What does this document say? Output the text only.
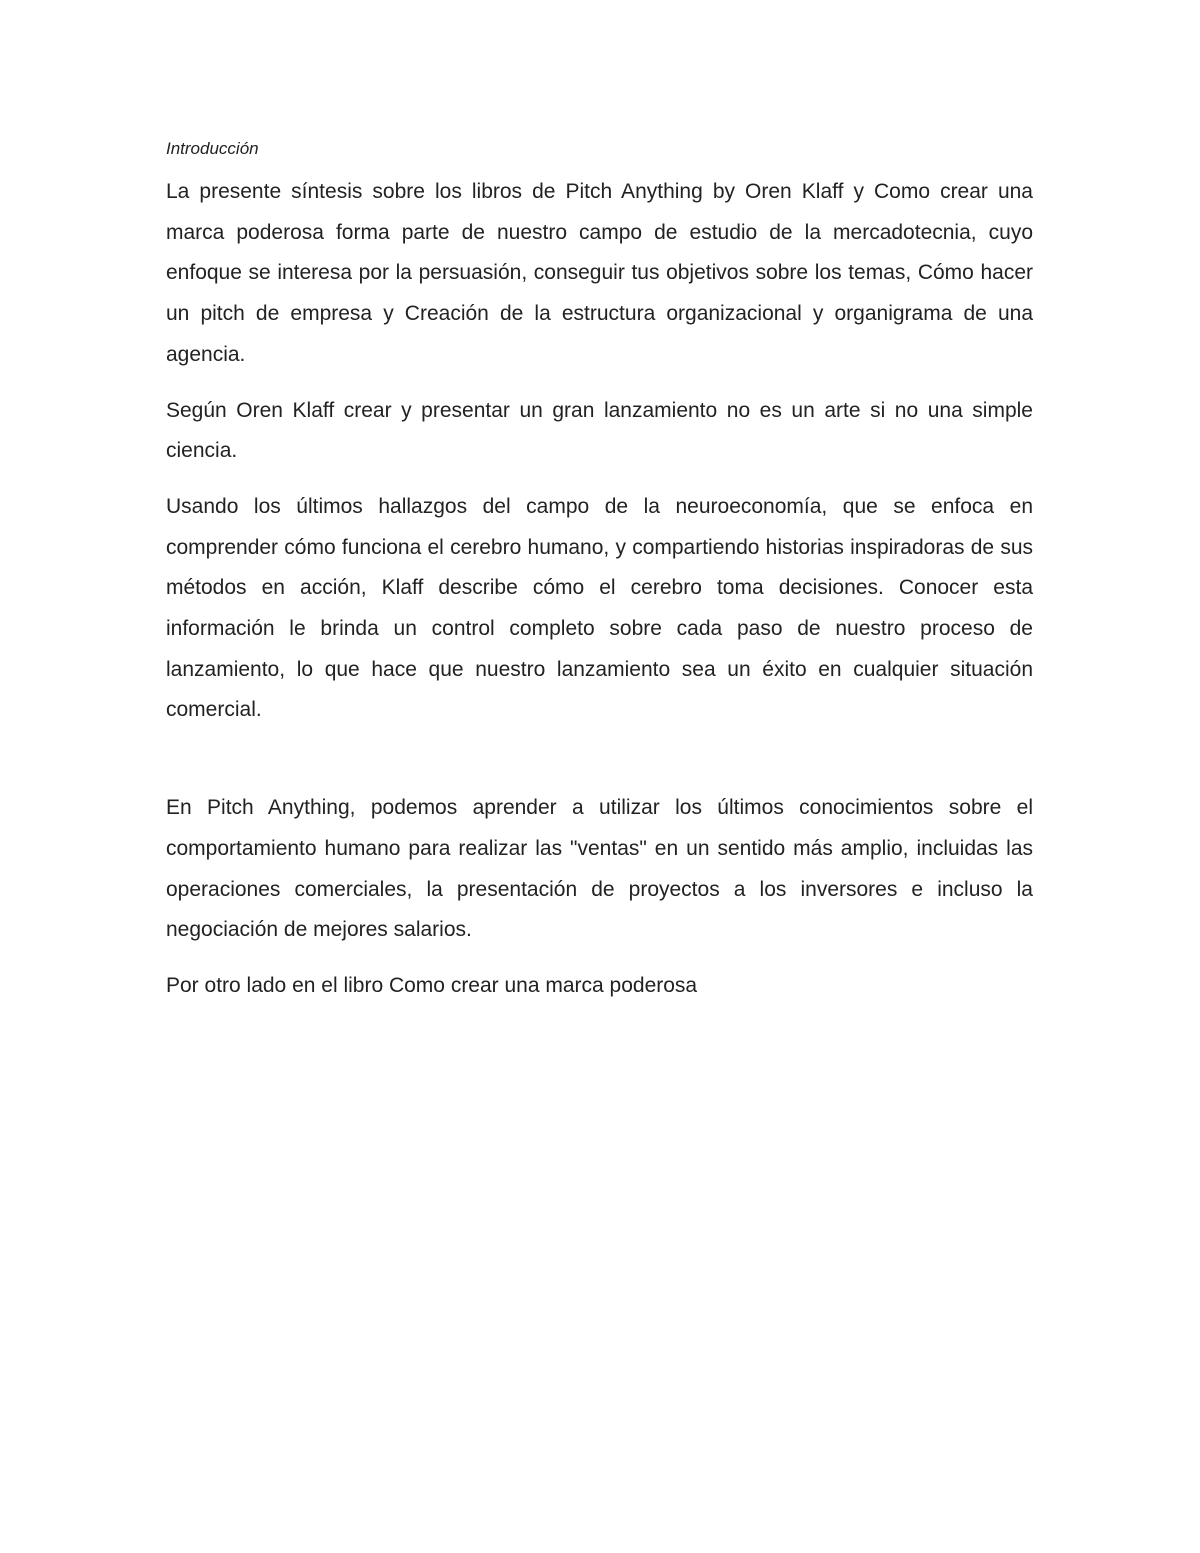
Introducción

La presente síntesis sobre los libros de Pitch Anything by Oren Klaff y Como crear una marca poderosa forma parte de nuestro campo de estudio de la mercadotecnia, cuyo enfoque se interesa por la persuasión, conseguir tus objetivos sobre los temas, Cómo hacer un pitch de empresa y Creación de la estructura organizacional y organigrama de una agencia.

Según Oren Klaff crear y presentar un gran lanzamiento no es un arte si no una simple ciencia.

Usando los últimos hallazgos del campo de la neuroeconomía, que se enfoca en comprender cómo funciona el cerebro humano, y compartiendo historias inspiradoras de sus métodos en acción, Klaff describe cómo el cerebro toma decisiones. Conocer esta información le brinda un control completo sobre cada paso de nuestro proceso de lanzamiento, lo que hace que nuestro lanzamiento sea un éxito en cualquier situación comercial.

En Pitch Anything, podemos aprender a utilizar los últimos conocimientos sobre el comportamiento humano para realizar las "ventas" en un sentido más amplio, incluidas las operaciones comerciales, la presentación de proyectos a los inversores e incluso la negociación de mejores salarios.

Por otro lado en el libro Como crear una marca poderosa
